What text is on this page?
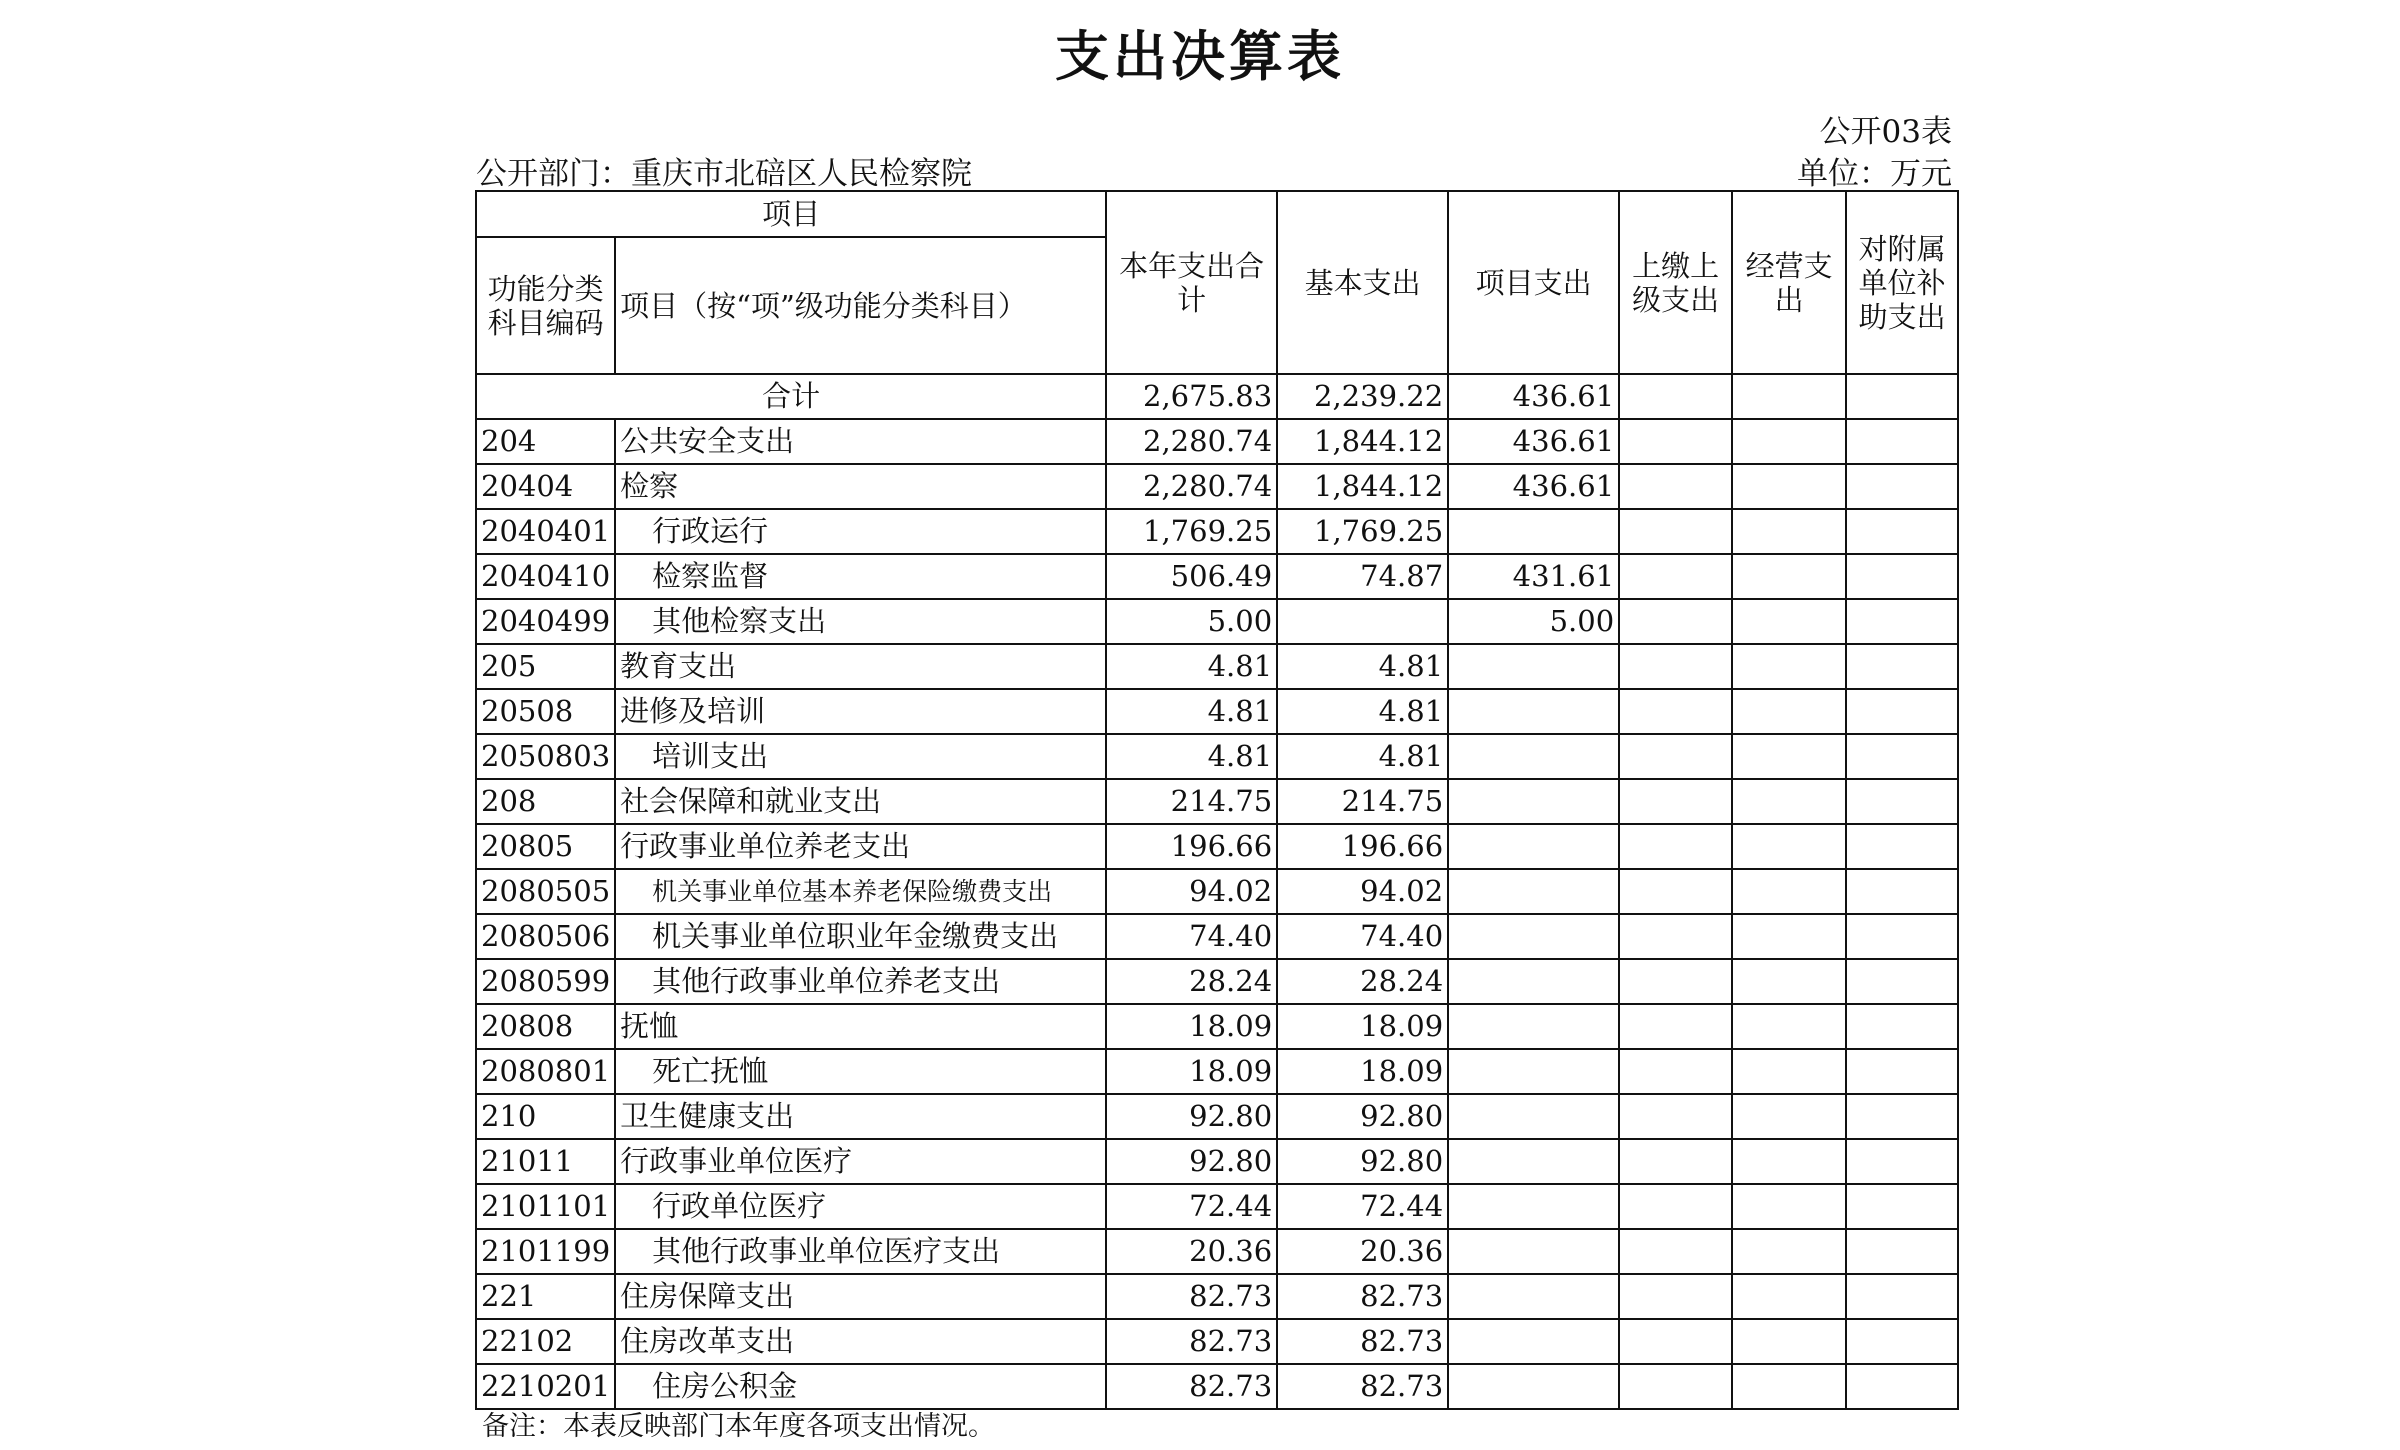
支出决算表
公开03表
公开部门：重庆市北碚区人民检察院	单位：万元
项目		本年支出合计	基本支出	项目支出	上缴上级支出	经营支出	对附属单位补助支出
功能分类科目编码	项目（按“项”级功能分类科目）						
合计		2,675.83	2,239.22	436.61			
204	公共安全支出	2,280.74	1,844.12	436.61			
20404	检察	2,280.74	1,844.12	436.61			
2040401	行政运行	1,769.25	1,769.25				
2040410	检察监督	506.49	74.87	431.61			
2040499	其他检察支出	5.00		5.00			
205	教育支出	4.81	4.81				
20508	进修及培训	4.81	4.81				
2050803	培训支出	4.81	4.81				
208	社会保障和就业支出	214.75	214.75				
20805	行政事业单位养老支出	196.66	196.66				
2080505	机关事业单位基本养老保险缴费支出	94.02	94.02				
2080506	机关事业单位职业年金缴费支出	74.40	74.40				
2080599	其他行政事业单位养老支出	28.24	28.24				
20808	抚恤	18.09	18.09				
2080801	死亡抚恤	18.09	18.09				
210	卫生健康支出	92.80	92.80				
21011	行政事业单位医疗	92.80	92.80				
2101101	行政单位医疗	72.44	72.44				
2101199	其他行政事业单位医疗支出	20.36	20.36				
221	住房保障支出	82.73	82.73				
22102	住房改革支出	82.73	82.73				
2210201	住房公积金	82.73	82.73				
备注：本表反映部门本年度各项支出情况。
